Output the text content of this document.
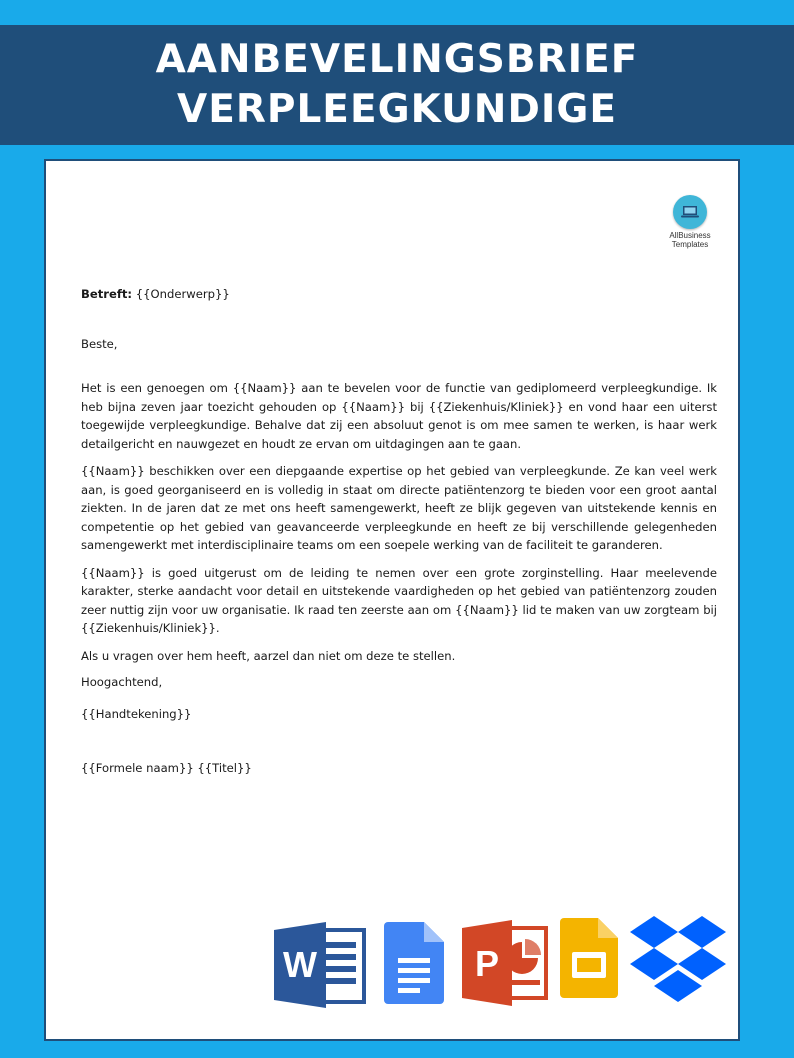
AANBEVELINGSBRIEF
VERPLEEGKUNDIGE
AllBusiness
Templates

Betreft: {{Onderwerp}}

Beste,

Het is een genoegen om {{Naam}} aan te bevelen voor de functie van gediplomeerd verpleegkundige. Ik heb bijna zeven jaar toezicht gehouden op {{Naam}} bij {{Ziekenhuis/Kliniek}} en vond haar een uiterst toegewijde verpleegkundige. Behalve dat zij een absoluut genot is om mee samen te werken, is haar werk detailgericht en nauwgezet en houdt ze ervan om uitdagingen aan te gaan.

{{Naam}} beschikken over een diepgaande expertise op het gebied van verpleegkunde. Ze kan veel werk aan, is goed georganiseerd en is volledig in staat om directe patiëntenzorg te bieden voor een groot aantal ziekten. In de jaren dat ze met ons heeft samengewerkt, heeft ze blijk gegeven van uitstekende kennis en competentie op het gebied van geavanceerde verpleegkunde en heeft ze bij verschillende gelegenheden samengewerkt met interdisciplinaire teams om een soepele werking van de faciliteit te garanderen.

{{Naam}} is goed uitgerust om de leiding te nemen over een grote zorginstelling. Haar meelevende karakter, sterke aandacht voor detail en uitstekende vaardigheden op het gebied van patiëntenzorg zouden zeer nuttig zijn voor uw organisatie. Ik raad ten zeerste aan om {{Naam}} lid te maken van uw zorgteam bij {{Ziekenhuis/Kliniek}}.

Als u vragen over hem heeft, aarzel dan niet om deze te stellen.

Hoogachtend,

{{Handtekening}}

{{Formele naam}} {{Titel}}

W	P
